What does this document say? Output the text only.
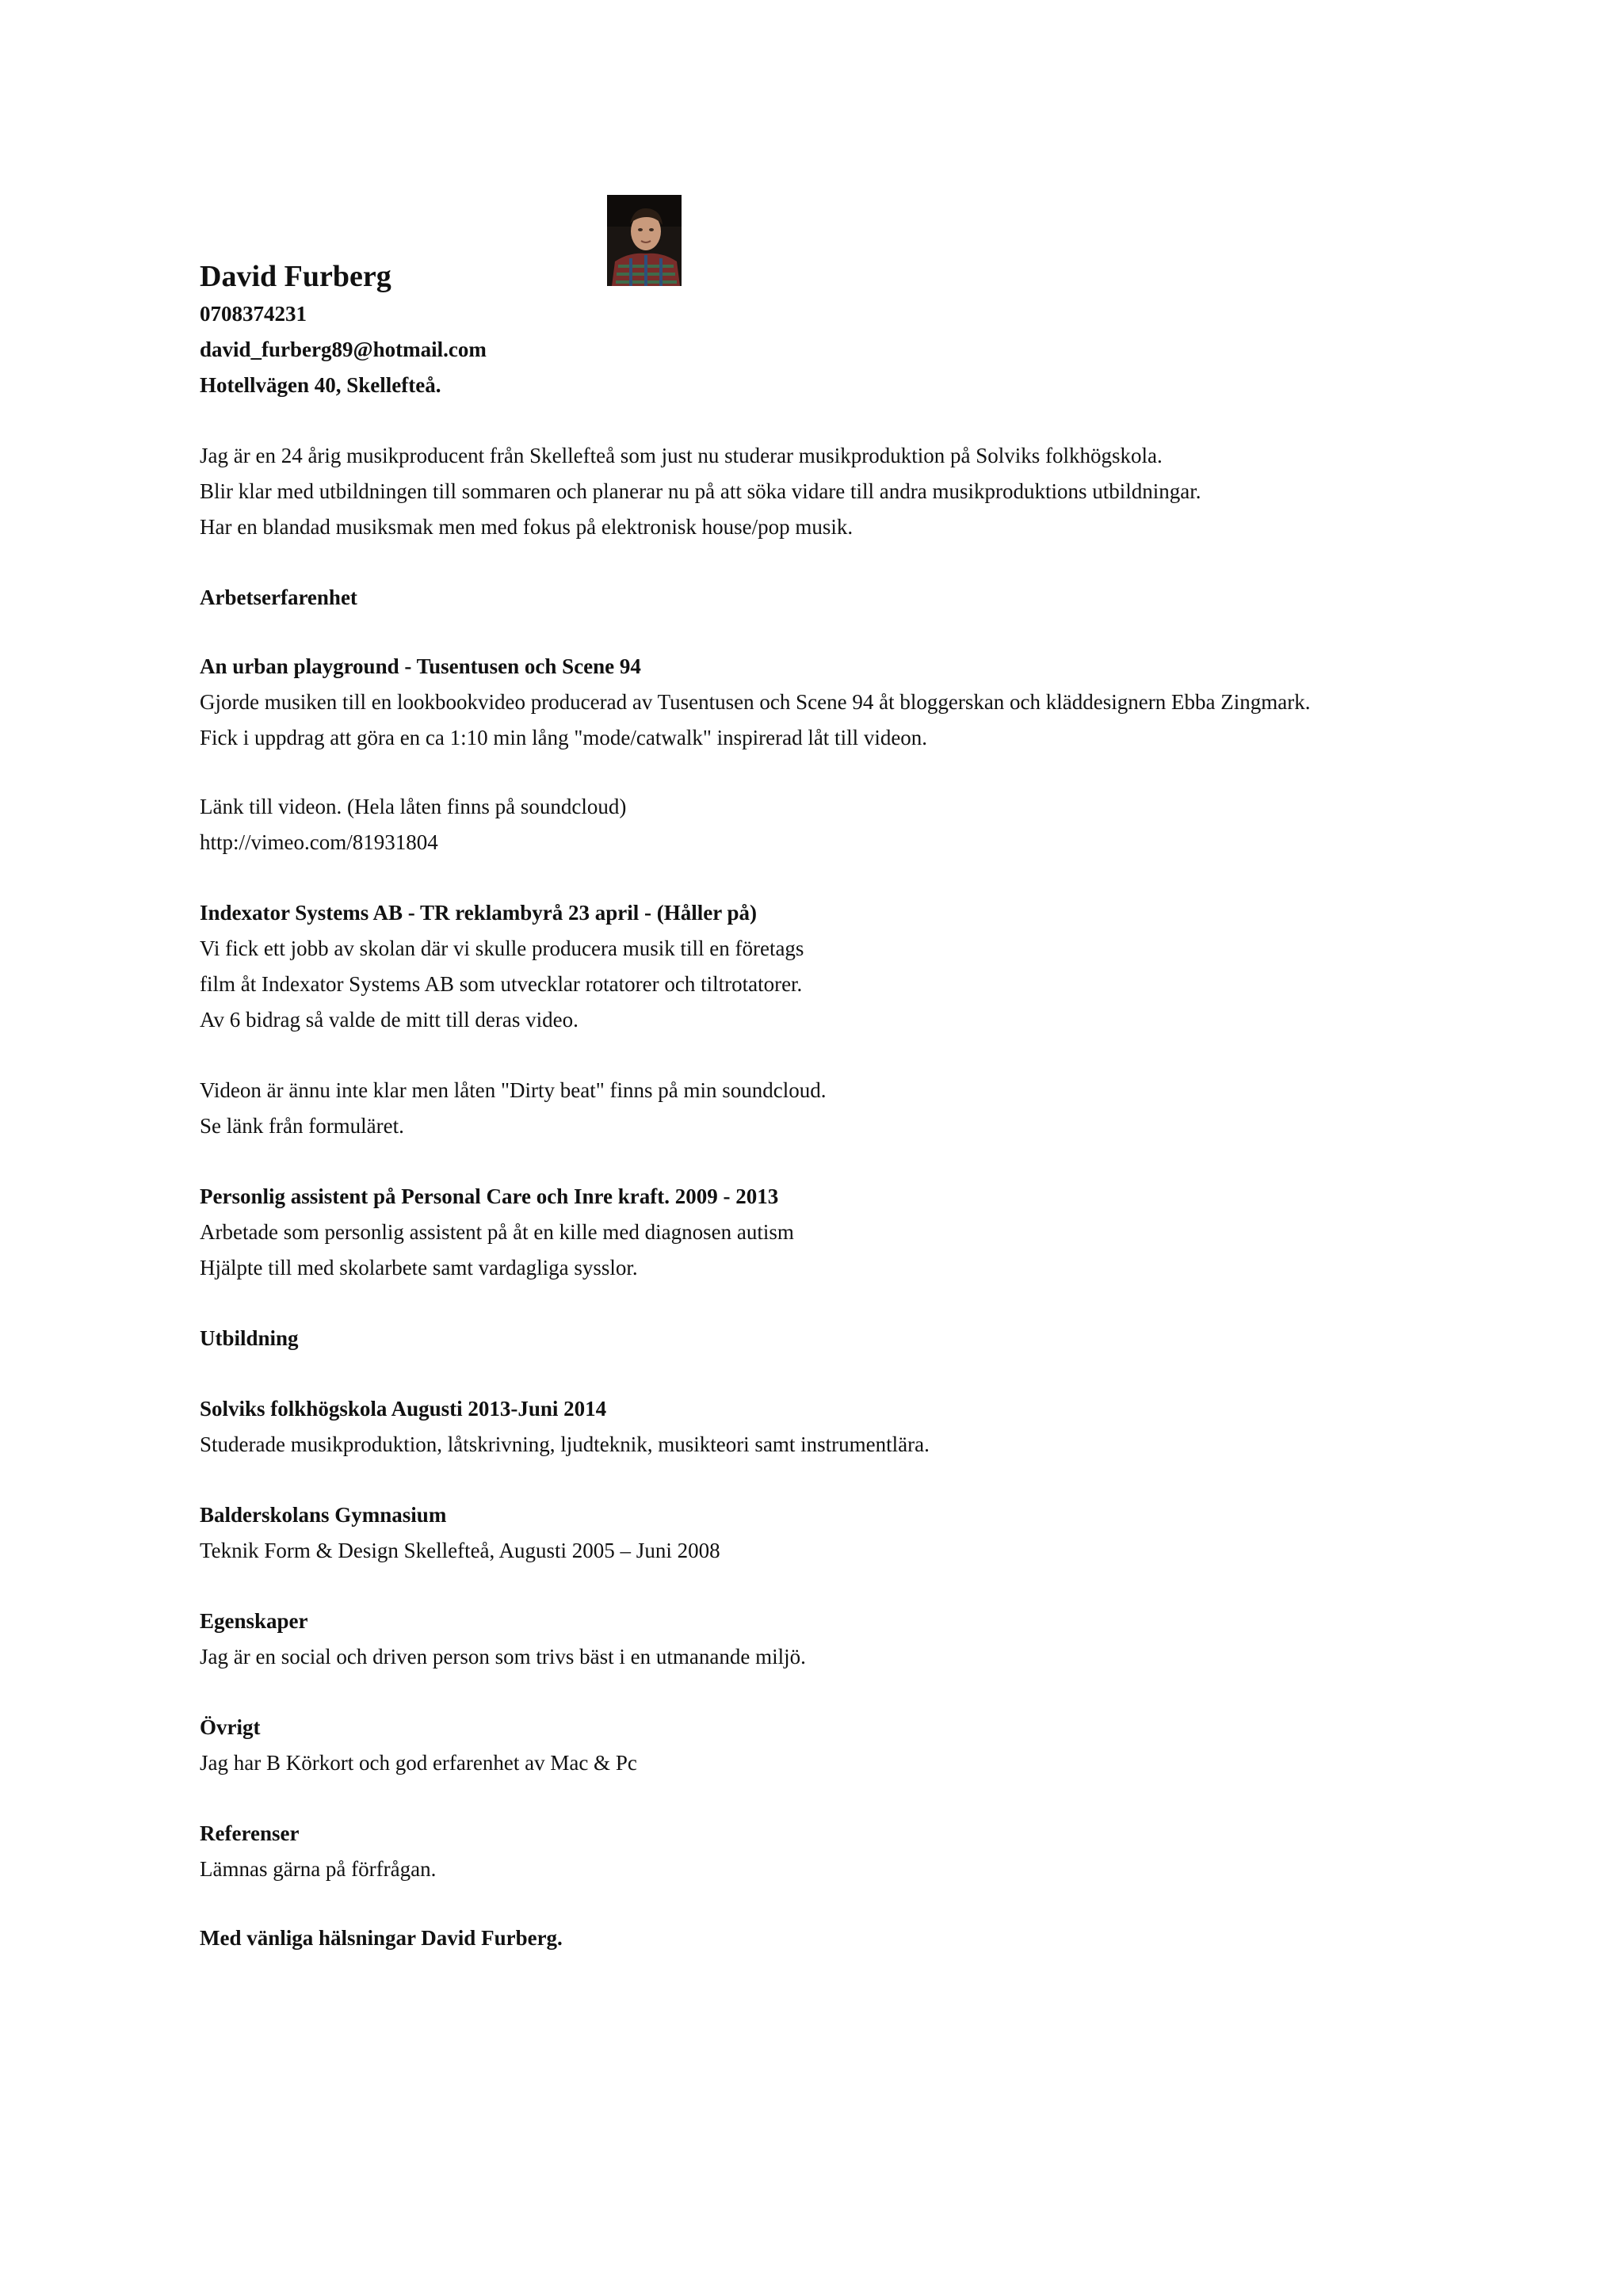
David Furberg
0708374231
david_furberg89@hotmail.com
Hotellvägen 40, Skellefteå.
Jag är en 24 årig musikproducent från Skellefteå som just nu studerar musikproduktion på Solviks folkhögskola.
Blir klar med utbildningen till sommaren och planerar nu på att söka vidare till andra musikproduktions utbildningar.
Har en blandad musiksmak men med fokus på elektronisk house/pop musik.
Arbetserfarenhet
An urban playground - Tusentusen och Scene 94
Gjorde musiken till en lookbookvideo producerad av Tusentusen och Scene 94 åt bloggerskan och kläddesignern Ebba Zingmark.
Fick i uppdrag att göra en ca 1:10 min lång "mode/catwalk" inspirerad låt till videon.
Länk till videon. (Hela låten finns på soundcloud)
http://vimeo.com/81931804
Indexator Systems AB - TR reklambyrå 23 april - (Håller på)
Vi fick ett jobb av skolan där vi skulle producera musik till en företags
film åt Indexator Systems AB som utvecklar rotatorer och tiltrotatorer.
Av 6 bidrag så valde de mitt till deras video.
Videon är ännu inte klar men låten "Dirty beat" finns på min soundcloud.
Se länk från formuläret.
Personlig assistent på Personal Care och Inre kraft. 2009 - 2013
Arbetade som personlig assistent på åt en kille med diagnosen autism
Hjälpte till med skolarbete samt vardagliga sysslor.
Utbildning
Solviks folkhögskola Augusti 2013-Juni 2014
Studerade musikproduktion, låtskrivning, ljudteknik, musikteori samt instrumentlära.
Balderskolans Gymnasium
Teknik Form & Design Skellefteå, Augusti 2005 – Juni 2008
Egenskaper
Jag är en social och driven person som trivs bäst i en utmanande miljö.
Övrigt
Jag har B Körkort och god erfarenhet av Mac & Pc
Referenser
Lämnas gärna på förfrågan.
Med vänliga hälsningar David Furberg.
